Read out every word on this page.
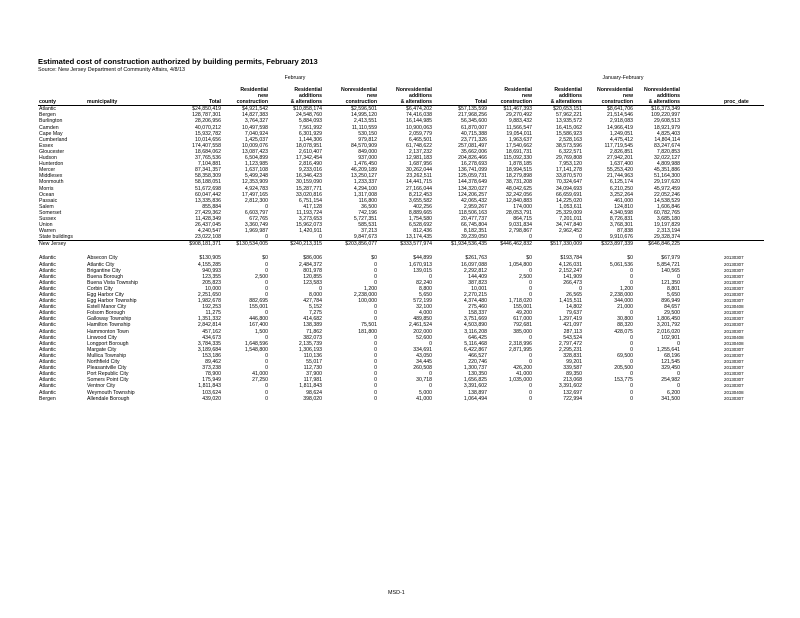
Estimated cost of construction authorized by building permits, February 2013
Source: New Jersey Department of Community Affairs, 4/8/13
February	January-February
			Residential	Residential	Nonresidential	Nonresidential		Residential	Residential	Nonresidential	Nonresidential		
			new	additions	new	additions		new	additions	new	additions		
county	municipality	Total	construction	& alterations	construction	& alterations	Total	construction	& alterations	construction	& alterations		proc_date
Atlantic		$24,850,419	$4,921,542	$10,858,174	$2,596,501	$6,474,202	$57,135,599	$11,467,393	$20,653,151	$8,641,706	$16,373,349		
Bergen		128,787,301	14,827,383	24,548,760	14,995,120	74,416,038	217,968,256	29,270,492	57,962,221	21,514,546	109,220,997		
Burlington		28,206,956	3,764,327	5,884,093	2,413,551	16,144,985	56,345,600	9,883,432	13,935,572	2,918,083	29,608,513		
Camden		40,070,212	10,497,598	7,561,992	11,110,559	10,900,063	61,870,007	11,566,547	16,415,062	14,966,419	18,921,979		
Cape May		15,932,782	7,040,924	6,301,929	530,150	2,059,779	40,715,388	19,054,011	15,586,923	1,249,051	4,825,403		
Cumberland		10,014,656	1,425,037	1,144,306	979,812	6,465,501	23,771,326	1,963,637	2,528,163	4,475,412	14,804,114		
Essex		174,407,558	10,009,076	18,078,951	84,570,909	61,748,622	257,081,497	17,540,662	38,573,596	117,719,545	83,247,674		
Gloucester		18,684,062	13,087,423	2,610,407	849,000	2,137,232	35,662,006	18,691,731	6,322,571	2,826,851	7,820,853		
Hudson		37,765,536	6,504,899	17,342,454	937,000	12,981,183	204,826,466	115,092,330	29,769,808	27,942,201	32,022,127		
Hunterdon		7,104,881	1,123,985	2,816,490	1,476,450	1,687,956	16,278,693	1,878,185	7,953,120	1,637,400	4,809,988		
Mercer		87,341,357	1,637,108	9,233,016	46,209,189	30,262,044	136,741,099	18,994,515	17,141,278	55,253,420	45,351,886		
Middlesex		58,358,309	5,499,248	16,346,423	13,250,127	23,262,511	125,059,731	18,279,898	33,870,570	21,744,963	51,164,300		
Monmouth		58,188,051	12,353,909	30,159,090	1,233,337	14,441,715	144,378,649	38,731,208	70,324,647	6,125,174	29,197,620		
Morris		51,672,698	4,924,783	15,287,771	4,294,100	27,166,044	134,320,027	48,042,625	34,094,693	6,210,250	45,972,459		
Ocean		60,047,442	17,497,165	33,020,816	1,317,008	8,212,453	124,206,257	32,242,056	66,659,691	3,252,264	22,052,246		
Passaic		13,335,836	2,812,300	6,751,154	116,800	3,655,582	42,065,432	12,840,883	14,225,020	461,000	14,538,529		
Salem		855,884	0	417,128	36,500	402,256	2,959,267	174,000	1,053,611	124,810	1,606,846		
Somerset		27,429,362	6,603,797	11,193,724	742,196	8,889,665	118,506,163	28,053,791	25,329,009	4,340,598	60,782,765		
Sussex		11,428,349	672,765	3,273,653	5,727,351	1,754,580	20,477,737	864,715	7,201,011	8,726,831	3,685,180		
Union		26,437,045	3,360,749	15,962,073	585,531	6,528,692	66,745,804	9,031,834	34,747,840	3,768,301	19,197,829		
Warren		4,240,547	1,969,987	1,420,911	37,213	812,436	8,182,351	2,798,867	2,962,452	87,838	2,313,194		
State buildings		23,022,108	0	0	9,847,673	13,174,435	39,239,050	0	0	9,910,676	29,328,374		
New Jersey		$908,181,371	$130,534,005	$240,213,315	$203,856,077	$333,577,974	$1,934,536,435	$446,462,832	$517,330,009	$323,897,339	$646,846,225		

Atlantic	Absecon City	$130,905	$0	$86,006	$0	$44,899	$261,763	$0	$193,784	$0	$67,979		20130307
Atlantic	Atlantic City	4,155,285	0	2,484,372	0	1,670,913	16,097,088	1,054,800	4,126,031	5,061,536	5,854,721		20130307
Atlantic	Brigantine City	940,993	0	801,978	0	139,015	2,292,812	0	2,152,247	0	140,565		20130307
Atlantic	Buena Borough	123,355	2,500	120,855	0	0	144,409	2,500	141,909	0	0		20130307
Atlantic	Buena Vista Township	205,823	0	123,583	0	82,240	387,823	0	266,473	0	121,350		20130307
Atlantic	Corbin City	10,000	0	0	1,200	8,800	10,001	0	0	1,200	8,801		20130307
Atlantic	Egg Harbor City	2,251,650	0	8,000	2,238,000	5,650	2,270,215	0	26,565	2,238,000	5,650		20130307
Atlantic	Egg Harbor Township	1,982,678	882,695	427,784	100,000	572,199	4,374,480	1,718,020	1,415,511	344,000	896,949		20130307
Atlantic	Estell Manor City	192,253	155,001	5,152	0	32,100	275,460	155,001	14,802	21,000	84,657		20130408
Atlantic	Folsom Borough	11,275	0	7,275	0	4,000	158,337	49,200	79,637	0	29,500		20130307
Atlantic	Galloway Township	1,351,332	446,800	414,682	0	489,850	3,751,669	617,000	1,297,419	30,800	1,806,450		20130307
Atlantic	Hamilton Township	2,842,814	167,400	138,389	75,501	2,461,524	4,503,890	792,681	421,097	88,320	3,201,792		20130307
Atlantic	Hammonton Town	457,162	1,500	71,862	181,800	202,000	3,116,208	385,000	287,113	428,075	2,016,020		20130307
Atlantic	Linwood City	434,673	0	382,073	0	52,600	646,425	0	543,524	0	102,901		20130408
Atlantic	Longport Borough	3,784,335	1,648,596	2,135,739	0	0	5,116,468	2,318,996	2,797,472	0	0		20130408
Atlantic	Margate City	3,189,684	1,548,800	1,306,193	0	334,691	6,422,867	2,871,995	2,295,231	0	1,255,641		20130307
Atlantic	Mullica Township	153,186	0	110,136	0	43,050	466,527	0	328,831	69,500	68,196		20130307
Atlantic	Northfield City	89,462	0	55,017	0	34,445	220,746	0	99,201	0	121,545		20130307
Atlantic	Pleasantville City	373,238	0	112,730	0	260,508	1,300,737	426,200	339,587	205,500	329,450		20130307
Atlantic	Port Republic City	78,900	41,000	37,900	0	0	130,350	41,000	89,350	0	0		20130307
Atlantic	Somers Point City	175,949	27,250	117,981	0	30,718	1,656,825	1,035,000	213,068	153,775	254,982		20130307
Atlantic	Ventnor City	1,811,843	0	1,811,843	0	0	3,391,602	0	3,391,602	0	0		20130307
Atlantic	Weymouth Township	103,624	0	98,624	0	5,000	138,897	0	132,697	0	6,200		20130408
Bergen	Allendale Borough	439,020	0	398,020	0	41,000	1,064,494	0	722,994	0	341,500		20130307
MSD-1
